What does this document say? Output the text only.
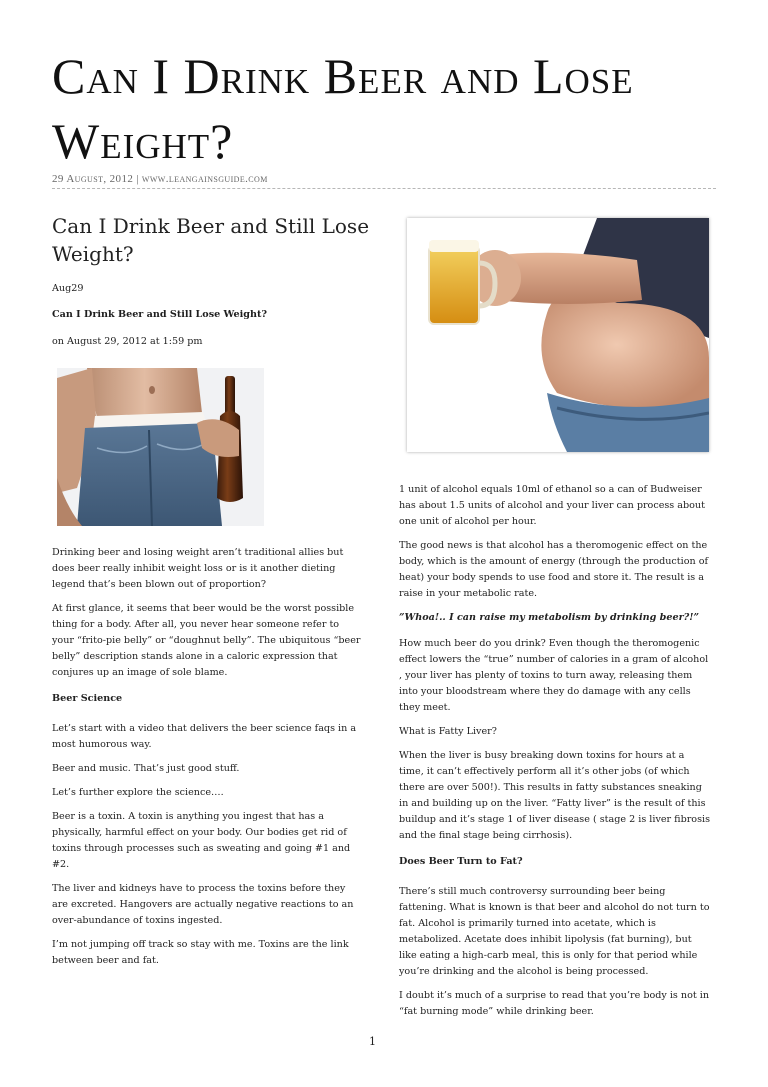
Can I Drink Beer and Lose Weight?
29 August, 2012 | www.leangainsguide.com
Can I Drink Beer and Still Lose Weight?
Aug29
Can I Drink Beer and Still Lose Weight?
on August 29, 2012 at 1:59 pm

Drinking beer and losing weight aren’t traditional allies but does beer really inhibit weight loss or is it another dieting legend that’s been blown out of proportion?

At first glance, it seems that beer would be the worst possible thing for a body. After all, you never hear someone refer to your “frito-pie belly” or “doughnut belly”. The ubiquitous “beer belly” description stands alone in a caloric expression that conjures up an image of sole blame.

Beer Science

Let’s start with a video that delivers the beer science faqs in a most humorous way.

Beer and music. That’s just good stuff.

Let’s further explore the science….

Beer is a toxin. A toxin is anything you ingest that has a physically, harmful effect on your body. Our bodies get rid of toxins through processes such as sweating and going #1 and #2.

The liver and kidneys have to process the toxins before they are excreted. Hangovers are actually negative reactions to an over-abundance of toxins ingested.

I’m not jumping off track so stay with me. Toxins are the link between beer and fat.

1 unit of alcohol equals 10ml of ethanol so a can of Budweiser has about 1.5 units of alcohol and your liver can process about one unit of alcohol per hour.

The good news is that alcohol has a theromogenic effect on the body, which is the amount of energy (through the production of heat) your body spends to use food and store it. The result is a raise in your metabolic rate.

”Whoa!.. I can raise my metabolism by drinking beer?!”

How much beer do you drink? Even though the theromogenic effect lowers the “true” number of calories in a gram of alcohol , your liver has plenty of toxins to turn away, releasing them into your bloodstream where they do damage with any cells they meet.

What is Fatty Liver?

When the liver is busy breaking down toxins for hours at a time, it can’t effectively perform all it’s other jobs (of which there are over 500!). This results in fatty substances sneaking in and building up on the liver. “Fatty liver” is the result of this buildup and it’s stage 1 of liver disease ( stage 2 is liver fibrosis and the final stage being cirrhosis).

Does Beer Turn to Fat?

There’s still much controversy surrounding beer being fattening. What is known is that beer and alcohol do not turn to fat. Alcohol is primarily turned into acetate, which is metabolized. Acetate does inhibit lipolysis (fat burning), but like eating a high-carb meal, this is only for that period while you’re drinking and the alcohol is being processed.

I doubt it’s much of a surprise to read that you’re body is not in “fat burning mode” while drinking beer.

1
